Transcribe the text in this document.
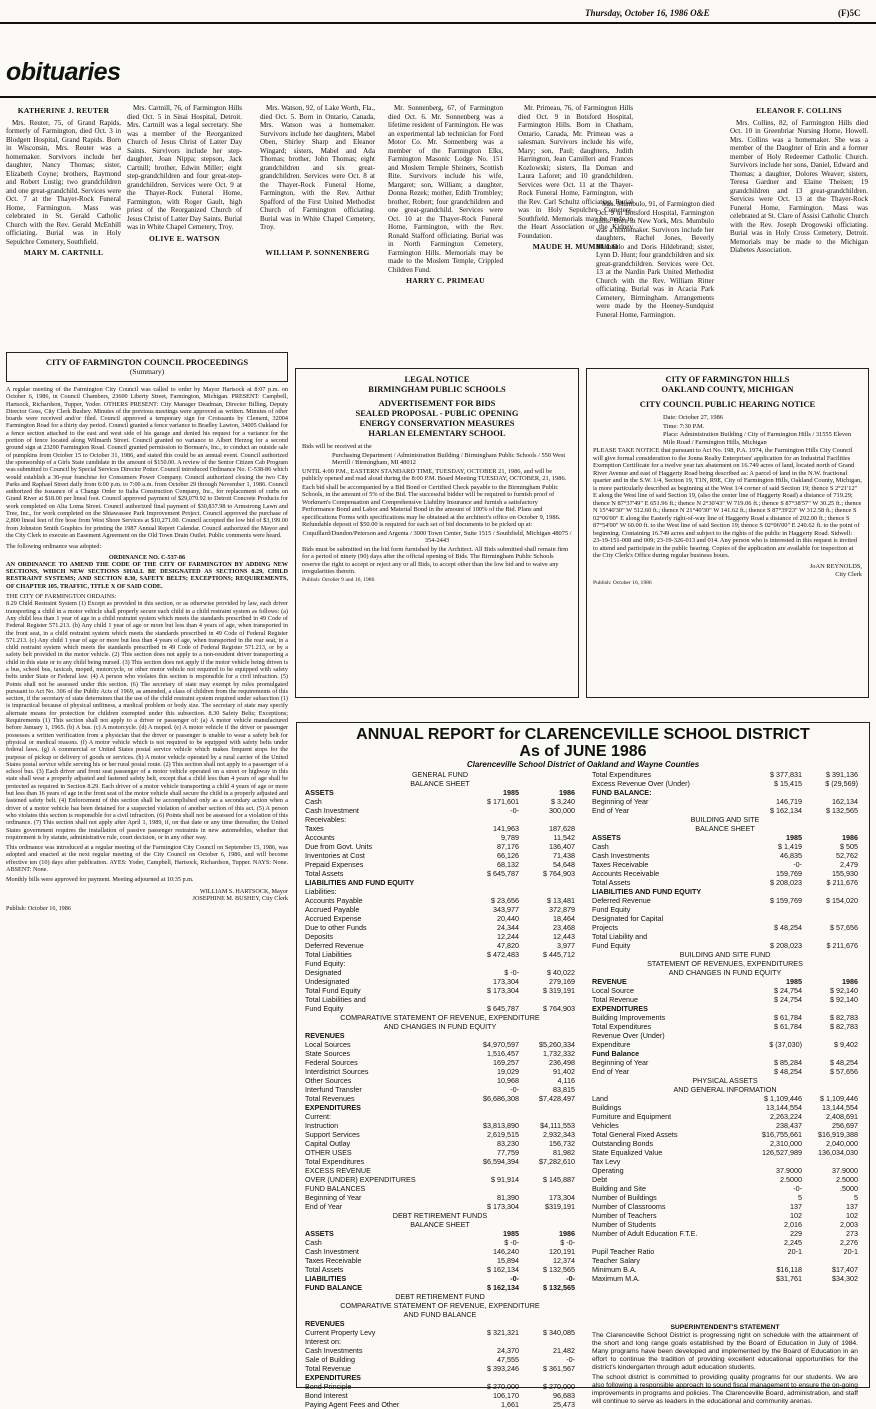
Thursday, October 16, 1986 O&E	(F)5C
obituaries
KATHERINE J. REUTER

Mrs. Reuter, 75, of Grand Rapids, formerly of Farmington, died Oct. 3 in Blodgett Hospital, Grand Rapids. Born in Wisconsin, Mrs. Reuter was a homemaker. Survivors include her daughter, Nancy Thomas; sister, Elizabeth Coyne; brothers, Raymond and Robert Lustig; two grandchildren and one great-grandchild. Services were Oct. 7 at the Thayer-Rock Funeral Home, Farmington. Mass was celebrated in St. Gerald Catholic Church with the Rev. Gerald McEnhill officiating. Burial was in Holy Sepulchre Cemetery, Southfield.

MARY M. CARTNILL

Mrs. Cartnill, 76, of Farmington Hills died Oct. 5 in Sinai Hospital, Detroit. Mrs. Cartnill was a legal secretary. She was a member of the Reorganized Church of Jesus Christ of Latter Day Saints. Survivors include her step-daughter, Joan Nippa; stepson, Jack Cartnill; brother, Edwin Miller; eight step-grandchildren and four great-step-grandchildren. Services were Oct. 9 at the Thayer-Rock Funeral Home, Farmington, with Roger Gault, high priest of the Reorganized Church of Jesus Christ of Latter Day Saints. Burial was in White Chapel Cemetery, Troy.

OLIVE E. WATSON

Mrs. Watson, 92, of Lake Worth, Fla., died Oct. 5. Born in Ontario, Canada, Mrs. Watson was a homemaker. Survivors include her daughters, Mabel Oben, Shirley Sharp and Eleanor Wingard; sisters, Mabel and Ada Thomas; brother, John Thomas; eight grandchildren and six great-grandchildren. Services were Oct. 8 at the Thayer-Rock Funeral Home, Farmington, with the Rev. Arthur Spafford of the First United Methodist Church of Farmington officiating. Burial was in White Chapel Cemetery, Troy.

WILLIAM P. SONNENBERG

Mr. Sonnenberg, 67, of Farmington died Oct. 6. Mr. Sonnenberg was a lifetime resident of Farmington. He was an experimental lab technician for Ford Motor Co. Mr. Sonnenberg was a member of the Farmington Elks, Farmington Masonic Lodge No. 151 and Moslem Temple Shriners, Scottish Rite. Survivors include his wife, Margaret; son, William; a daughter, Donna Rezek; mother, Edith Trombley; brother, Robert; four grandchildren and one great-grandchild. Services were Oct. 10 at the Thayer-Rock Funeral Home, Farmington, with the Rev. Ronald Stafford officiating. Burial was in North Farmington Cemetery, Farmington Hills. Memorials may be made to the Moslem Temple, Crippled Children Fund.

HARRY C. PRIMEAU

Mr. Primeau, 76, of Farmington Hills died Oct. 9 in Botsford Hospital, Farmington Hills. Born in Chatham, Ontario, Canada, Mr. Primeau was a salesman. Survivors include his wife, Mary; son, Paul; daughters, Judith Harrington, Jean Camilleri and Frances Kozlowski; sisters, Ila Doman and Laura Laforet; and 10 grandchildren. Services were Oct. 11 at the Thayer-Rock Funeral Home, Farmington, with the Rev. Carl Schultz officiating. Burial was in Holy Sepulchre Cemetery, Southfield. Memorials may be made to the Heart Association or the Kidney Foundation.

MAUDE H. MUMBULO

Mrs. Mumbulo, 91, of Farmington died Oct. 9 in Botsford Hospital, Farmington Hills. Born in New York, Mrs. Mumbulo was a homemaker. Survivors include her daughters, Rachel Jones, Beverly Mumbulo and Doris Hildebrand; sister, Lynn D. Hunt; four grandchildren and six great-grandchildren. Services were Oct. 13 at the Nardin Park United Methodist Church with the Rev. William Ritter officiating. Burial was in Acacia Park Cemetery, Birmingham. Arrangements were made by the Heeney-Sundquist Funeral Home, Farmington.

ELEANOR F. COLLINS

Mrs. Collins, 82, of Farmington Hills died Oct. 10 in Greenbriar Nursing Home, Howell. Mrs. Collins was a homemaker. She was a member of the Daughter of Erin and a former member of Holy Redeemer Catholic Church. Survivors include her sons, Daniel, Edward and Thomas; a daughter, Dolores Weaver; sisters, Teresa Gardner and Elaine Theisen; 19 grandchildren and 13 great-grandchildren. Services were Oct. 13 at the Thayer-Rock Funeral Home, Farmington. Mass was celebrated at St. Clare of Assisi Catholic Church with the Rev. Joseph Drogowski officiating. Burial was in Holy Cross Cemetery, Detroit. Memorials may be made to the Michigan Diabetes Association.

CITY OF FARMINGTON COUNCIL PROCEEDINGS
(Summary)
A regular meeting of the Farmington City Council was called to order by Mayor Hartsock at 8:07 p.m. on October 6, 1986, in Council Chambers, 23600 Liberty Street, Farmington, Michigan. PRESENT: Campbell, Hartsock, Richardson, Tupper, Yoder. OTHERS PRESENT: City Manager Deadman, Director Billing, Deputy Director Goss, City Clerk Bushey. Minutes of the previous meetings were approved as written. Minutes of other boards were received and/or filed. Council approved a temporary sign for Croissants by Clement, 32004 Farmington Road for a thirty day period. Council granted a fence variance to Bradley Lawton, 34005 Oakland for a fence section attached to the east and west side of his garage and denied his request for a variance for the portion of fence located along Wilmarth Street. Council granted no variance to Albert Herzog for a second ground sign at 23290 Farmington Road. Council granted permission to Borman's, Inc., to conduct an outside sale of pumpkins from October 15 to October 31, 1986, and stated this could be an annual event. Council authorized the sponsorship of a Girls State candidate in the amount of $150.00. A review of the Senior Citizen Cab Program was submitted to Council by Special Services Director Potter. Council introduced Ordinance No. C-538-86 which would establish a 30-year franchise for Consumers Power Company. Council authorized closing the two City Parks and Raphael Street daily from 6:00 p.m. to 7:00 a.m. from October 29 through November 1, 1986. Council authorized the issuance of a Change Order to Italia Construction Company, Inc., for replacement of curbs on Grand River at $18.00 per lineal foot. Council approved payment of $29,079.92 to Detroit Concrete Products for work completed on Alta Loma Street. Council authorized final payment of $30,837.98 to Armstrong Lawn and Tree, Inc., for work completed on the Shiawassee Park Improvement Project. Council approved the purchase of 2,800 lineal feet of fire hose from West Shore Services at $10,271.00. Council accepted the low bid of $3,199.00 from Johnston Smith Graphics for printing the 1987 Annual Report Calendar. Council authorized the Mayor and the City Clerk to execute an Easement Agreement on the Old Town Drain Outlet. Public comments were heard.
The following ordinance was adopted:
ORDINANCE NO. C-537-86
AN ORDINANCE TO AMEND THE CODE OF THE CITY OF FARMINGTON BY ADDING NEW SECTIONS, WHICH NEW SECTIONS SHALL BE DESIGNATED AS SECTIONS 8.29, CHILD RESTRAINT SYSTEMS; AND SECTION 8.30, SAFETY BELTS; EXCEPTIONS; REQUIREMENTS, OF CHAPTER 105, TRAFFIC, TITLE X OF SAID CODE.
THE CITY OF FARMINGTON ORDAINS:
8.29 Child Restraint System (1) Except as provided in this section, or as otherwise provided by law, each driver transporting a child in a motor vehicle shall properly secure each child in a child restraint system as follows: (a) Any child less than 1 year of age in a child restraint system which meets the standards prescribed in 49 Code of Federal Register 571.213. (b) Any child 1 year of age or more but less than 4 years of age, when transported in the front seat, in a child restraint system which meets the standards prescribed in 49 Code of Federal Register 571.213. (c) Any child 1 year of age or more but less than 4 years of age, when transported in the rear seat, in a child restraint system which meets the standards prescribed in 49 Code of Federal Register 571.213, or by a safety belt provided in the motor vehicle. (2) This section does not apply to a non-resident driver transporting a child in this state or to any child being nursed. (3) This section does not apply if the motor vehicle being driven is a bus, school bus, taxicab, moped, motorcycle, or other motor vehicle not required to be equipped with safety belts under State or Federal law. (4) A person who violates this section is responsible for a civil infraction. (5) Points shall not be assessed under this section. (6) The secretary of state may exempt by rules promulgated pursuant to Act No. 306 of the Public Acts of 1969, as amended, a class of children from the requirements of this section, if the secretary of state determines that the use of the child restraint system required under subsection (1) is impractical because of physical unfitness, a medical problem or body size. The secretary of state may specify alternate means for protection for children exempted under this subsection. 8.30 Safety Belts; Exceptions; Requirements (1) This section shall not apply to a driver or passenger of: (a) A motor vehicle manufactured before January 1, 1965. (b) A bus. (c) A motorcycle. (d) A moped. (e) A motor vehicle if the driver or passenger possesses a written verification from a physician that the driver or passenger is unable to wear a safety belt for physical or medical reasons. (f) A motor vehicle which is not required to be equipped with safety belts under federal laws. (g) A commercial or United States postal service vehicle which makes frequent stops for the purpose of pickup or delivery of goods or services. (h) A motor vehicle operated by a rural carrier of the United States postal service while serving his or her rural postal route. (2) This section shall not apply to a passenger of a school bus. (3) Each driver and front seat passenger of a motor vehicle operated on a street or highway in this state shall wear a properly adjusted and fastened safety belt, except that a child less than 4 years of age shall be protected as required in Section 8.29. Each driver of a motor vehicle transporting a child 4 years of age or more but less than 16 years of age in the front seat of the motor vehicle shall secure the child in a properly adjusted and fastened safety belt. (4) Enforcement of this section shall be accomplished only as a secondary action when a driver of a motor vehicle has been detained for a suspected violation of another section of this act. (5) A person who violates this section is responsible for a civil infraction. (6) Points shall not be assessed for a violation of this ordinance. (7) This section shall not apply after April 1, 1989, if, on that date or any time thereafter, the United States government requires the installation of passive passenger restraints in new automobiles, whether that requirement is by statute, administrative rule, court decision, or in any other way.
This ordinance was introduced at a regular meeting of the Farmington City Council on September 15, 1986, was adopted and enacted at the next regular meeting of the City Council on October 6, 1986, and will become effective ten (10) days after publication. AYES: Yoder, Campbell, Hartsock, Richardson, Tupper. NAYS: None. ABSENT: None.
Monthly bills were approved for payment. Meeting adjourned at 10:35 p.m.
WILLIAM S. HARTSOCK, Mayor
JOSEPHINE M. BUSHEY, City Clerk
Publish: October 16, 1986
LEGAL NOTICE
BIRMINGHAM PUBLIC SCHOOLS
ADVERTISEMENT FOR BIDS
SEALED PROPOSAL - PUBLIC OPENING
ENERGY CONSERVATION MEASURES
HARLAN ELEMENTARY SCHOOL

Bids will be received at the

Purchasing Department / Administration Building / Birmingham Public Schools / 550 West Merrill / Birmingham, MI 48012

UNTIL 4:00 P.M., EASTERN STANDARD TIME, TUESDAY, OCTOBER 21, 1986, and will be publicly opened and read aloud during the 8:00 P.M. Board Meeting TUESDAY, OCTOBER, 21, 1986.

Each bid shall be accompanied by a Bid Bond or Certified Check payable to the Birmingham Public Schools, in the amount of 5% of the Bid. The successful bidder will be required to furnish proof of Workmen's Compensation and Comprehensive Liability Insurance and furnish a satisfactory Performance Bond and Labor and Material Bond in the amount of 100% of the Bid. Plans and specifications Forms with specifications may be obtained at the architect's office on October 9, 1986. Refundable deposit of $50.00 is required for each set of bid documents to be picked up at:

Coquillard/Dundon/Peterson and Argenta / 3000 Town Center, Suite 1515 / Southfield, Michigan 48075 / 354-2443

Bids must be submitted on the bid form furnished by the Architect. All Bids submitted shall remain firm for a period of ninety (90) days after the official opening of Bids. The Birmingham Public Schools reserve the right to accept or reject any or all Bids, to accept other than the low bid and to waive any irregularities therein.

Publish: October 9 and 16, 1986

CITY OF FARMINGTON HILLS
OAKLAND COUNTY, MICHIGAN
CITY COUNCIL PUBLIC HEARING NOTICE

Date: October 27, 1986

Time: 7:30 P.M.

Place: Administration Building / City of Farmington Hills / 31555 Eleven Mile Road / Farmington Hills, Michigan

PLEASE TAKE NOTICE that pursuant to Act No. 198, P.A. 1974, the Farmington Hills City Council will give formal consideration to the Jonna Realty Enterprises' application for an Industrial Facilities Exemption Certificate for a twelve year tax abatement on 16.749 acres of land, located north of Grand River Avenue and east of Haggerty Road being described as: A parcel of land in the N.W. fractional quarter and in the S.W. 1/4, Section 19, T1N, R9E, City of Farmington Hills, Oakland County, Michigan, is more particularly described as beginning at the West 1/4 corner of said Section 19; thence S 2°21'12" E along the West line of said Section 19, (also the center line of Haggerty Road) a distance of 719.29; thence N 87°37'49" E 651.96 ft.; thence N 2°30'43" W 719.06 ft.; thence S 87°38'57" W 30.25 ft.; thence N 15°40'30" W 512.60 ft.; thence N 21°40'30" W 141.62 ft.; thence S 87°39'23" W 312.58 ft.; thence S 02°06'00" E along the Easterly right-of-way line of Haggerty Road a distance of 292.00 ft.; thence S 87°54'00" W 60.00 ft. to the West line of said Section 19; thence S 02°06'00" E 240.62 ft. to the point of beginning. Containing 16.749 acres and subject to the rights of the public in Haggerty Road. Sidwell: 23-19-151-008 and 009; 23-19-326-013 and 014. Any person who is interested in this request is invited to attend and participate in the public hearing. Copies of the application are available for inspection at the City Clerk's Office during regular business hours.

JoAN REYNOLDS,

City Clerk

Publish: October 16, 1986

ANNUAL REPORT for CLARENCEVILLE SCHOOL DISTRICT
As of JUNE 1986
Clarenceville School District of Oakland and Wayne Counties
GENERAL FUND
BALANCE SHEET
ASSETS	1985	1986
Cash	$ 171,601	$ 3,240
Cash Investment	-0-	300,000
Receivables:
Taxes	141,963	187,628
Accounts	9,789	11,542
Due from Govt. Units	87,176	136,407
Inventories at Cost	66,126	71,438
Prepaid Expenses	68,132	54,648
Total Assets	$ 645,787	$ 764,903
LIABILITIES AND FUND EQUITY
Liabilities:
Accounts Payable	$ 23,656	$ 13,481
Accrued Payable	343,977	372,879
Accrued Expense	20,440	18,464
Due to other Funds	24,344	23,468
Deposits	12,244	12,443
Deferred Revenue	47,820	3,977
Total Liabilities	$ 472,483	$ 445,712
Fund Equity:
Designated	$ -0-	$ 40,022
Undesignated	173,304	279,169
Total Fund Equity	$ 173,304	$ 319,191
Total Liabilities and
Fund Equity	$ 645,787	$ 764,903
COMPARATIVE STATEMENT OF REVENUE, EXPENDITURE
AND CHANGES IN FUND EQUITY
REVENUES
Local Sources	$4,970,597	$5,260,334
State Sources	1,516,457	1,732,332
Federal Sources	169,257	236,498
Interdistrict Sources	19,029	91,402
Other Sources	10,968	4,116
Interfund Transfer	-0-	83,815
Total Revenues	$6,686,308	$7,428,497
EXPENDITURES
Current:
Instruction	$3,813,890	$4,111,553
Support Services	2,619,515	2,932,343
Capital Outlay	83,230	156,732
OTHER USES	77,759	81,982
Total Expenditures	$6,594,394	$7,282,610
EXCESS REVENUE
OVER (UNDER) EXPENDITURES	$ 91,914	$ 145,887
FUND BALANCES
Beginning of Year	81,390	173,304
End of Year	$ 173,304	$319,191
DEBT RETIREMENT FUNDS
BALANCE SHEET
ASSETS	1985	1986
Cash	$ -0-	$ -0-
Cash Investment	146,240	120,191
Taxes Receivable	15,894	12,374
Total Assets	$ 162,134	$ 132,565
LIABILITIES	-0-	-0-
FUND BALANCE	$ 162,134	$ 132,565
DEBT RETIREMENT FUND
COMPARATIVE STATEMENT OF REVENUE, EXPENDITURE
AND FUND BALANCE
REVENUES
Current Property Levy	$ 321,321	$ 340,085
Interest on:
Cash Investments	24,370	21,482
Sale of Building	47,555	-0-
Total Revenue	$ 393,246	$ 361,567
EXPENDITURES
Bond Principle	$ 270,000	$ 270,000
Bond Interest	106,170	96,683
Paying Agent Fees and Other	1,661	25,473
Total Expenditures	$ 377,831	$ 391,136
Excess Revenue Over (Under)	$ 15,415	$ (29,569)
FUND BALANCE:
Beginning of Year	146,719	162,134
End of Year	$ 162,134	$ 132,565
BUILDING AND SITE
BALANCE SHEET
ASSETS	1985	1986
Cash	$ 1,419	$ 505
Cash Investments	46,835	52,762
Taxes Receivable	-0-	2,479
Accounts Receivable	159,769	155,930
Total Assets	$ 208,023	$ 211,676
LIABILITIES AND FUND EQUITY
Deferred Revenue	$ 159,769	$ 154,020
Fund Equity
Designated for Capital
Projects	$ 48,254	$ 57,656
Total Liability and
Fund Equity	$ 208,023	$ 211,676
BUILDING AND SITE FUND
STATEMENT OF REVENUES, EXPENDITURES
AND CHANGES IN FUND EQUITY
REVENUE	1985	1986
Local Source	$ 24,754	$ 92,140
Total Revenue	$ 24,754	$ 92,140
EXPENDITURES
Building Improvements	$ 61,784	$ 82,783
Total Expenditures	$ 61,784	$ 82,783
Revenue Over (Under)
Expenditure	$ (37,030)	$ 9,402
Fund Balance
Beginning of Year	$ 85,284	$ 48,254
End of Year	$ 48,254	$ 57,656
PHYSICAL ASSETS
AND GENERAL INFORMATION
Land	$ 1,109,446	$ 1,109,446
Buildings	13,144,554	13,144,554
Furniture and Equipment	2,263,224	2,408,691
Vehicles	238,437	256,697
Total General Fixed Assets	$16,755,661	$16,919,388
Outstanding Bonds	2,310,000	2,040,000
State Equalized Value	126,527,989	136,034,030
Tax Levy
Operating	37.9000	37.9000
Debt	2.5000	2.5000
Building and Site	-0-	.5000
Number of Buildings	5	5
Number of Classrooms	137	137
Number of Teachers	102	102
Number of Students	2,016	2,003
Number of Adult Education F.T.E.	229	273
2,245	2,276
Pupil Teacher Ratio	20-1	20-1
Teacher Salary
Minimum B.A.	$16,118	$17,407
Maximum M.A.	$31,761	$34,302
SUPERINTENDENT'S STATEMENT
The Clarenceville School District is progressing right on schedule with the attainment of the short and long range goals established by the Board of Education in July of 1984. Many programs have been developed and implemented by the Board of Education in an effort to continue the tradition of providing excellent educational opportunities for the district's kindergarten through adult education students.
The school district is committed to providing quality programs for our students. We are also following a responsible approach to sound fiscal management to ensure the on-going improvements in programs and policies. The Clarenceville Board, administration, and staff will continue to serve as leaders in the educational and community arenas.
